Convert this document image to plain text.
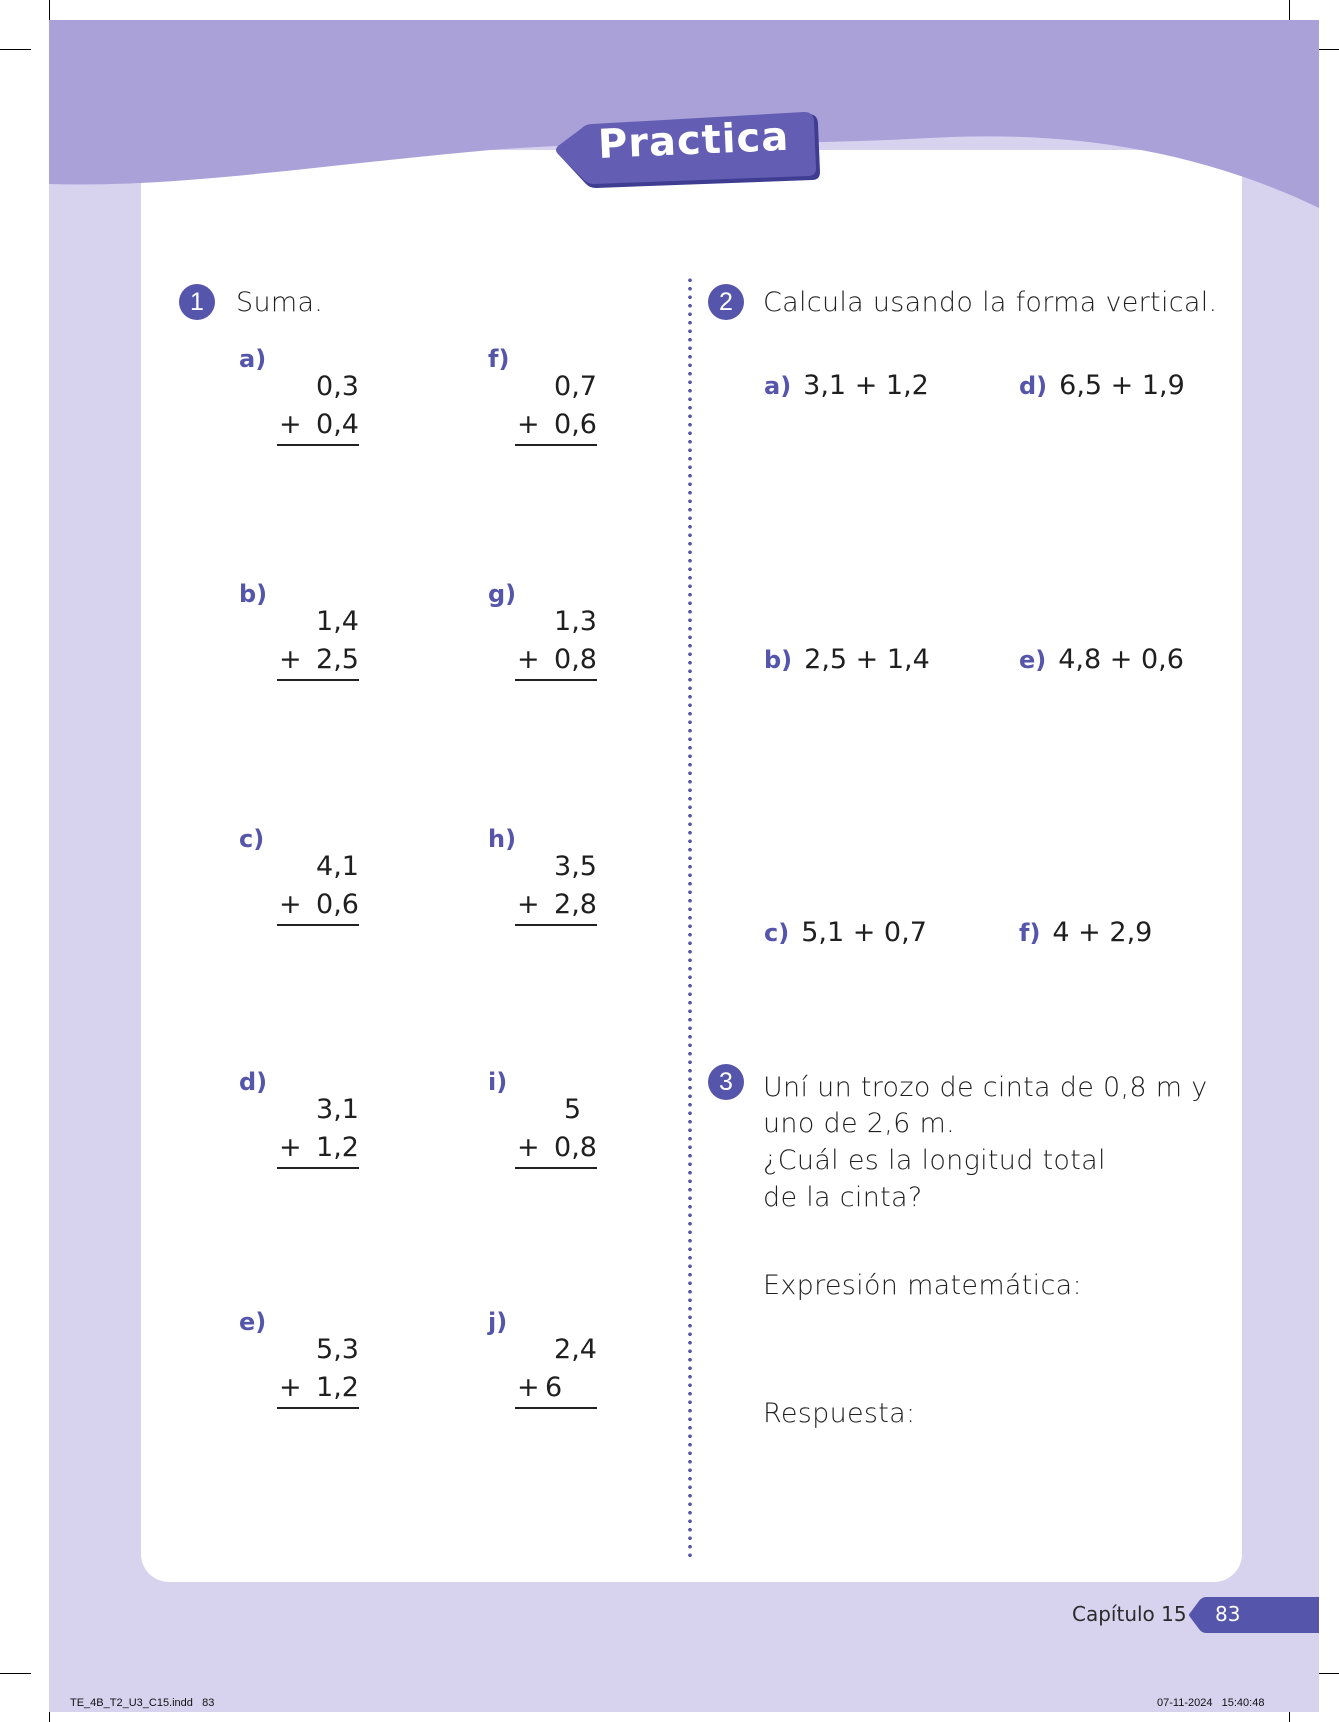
Practica
1	Suma.
a)
0,3
+ 0,4
b)
1,4
+ 2,5
c)
4,1
+ 0,6
d)
3,1
+ 1,2
e)
5,3
+ 1,2
f)
0,7
+ 0,6
g)
1,3
+ 0,8
h)
3,5
+ 2,8
i)
5
+ 0,8
j)
2,4
+ 6
2	Calcula usando la forma vertical.
a) 3,1 + 1,2	d) 6,5 + 1,9
b) 2,5 + 1,4	e) 4,8 + 0,6
c) 5,1 + 0,7	f) 4 + 2,9
3	Uní un trozo de cinta de 0,8 m y
uno de 2,6 m.
¿Cuál es la longitud total
de la cinta?
Expresión matemática:
Respuesta:
Capítulo 15 83
TE_4B_T2_U3_C15.indd   83	07-11-2024   15:40:48
